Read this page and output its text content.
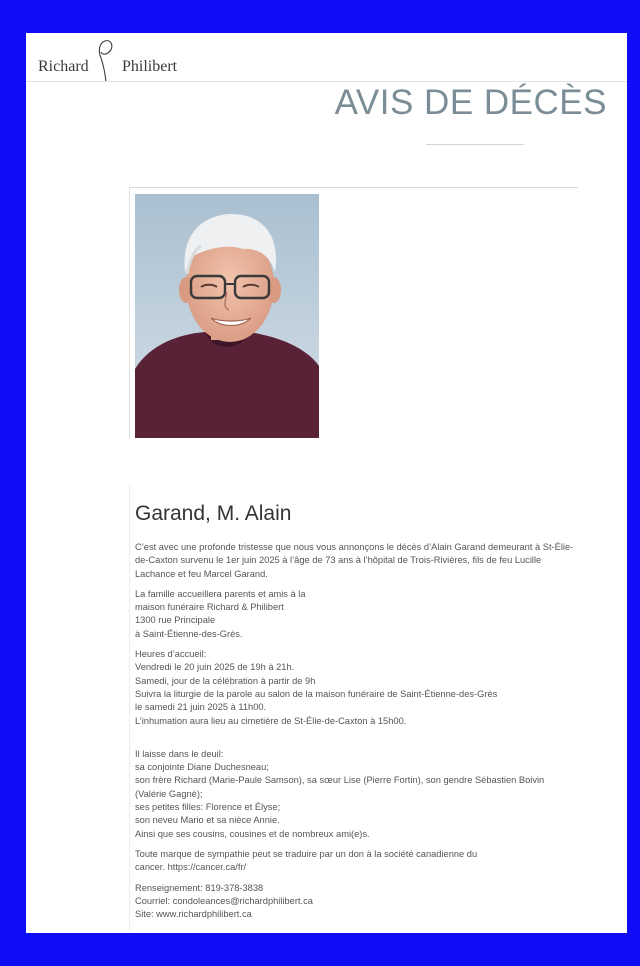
Richard Philibert
AVIS DE DÉCÈS
Garand, M. Alain

C’est avec une profonde tristesse que nous vous annonçons le décès d’Alain Garand demeurant à St-Élie-de-Caxton survenu le 1er juin 2025 à l’âge de 73 ans à l’hôpital de Trois-Rivières, fils de feu Lucille Lachance et feu Marcel Garand.

La famille accueillera parents et amis à la
maison funéraire Richard & Philibert
1300 rue Principale
à Saint-Étienne-des-Grès.

Heures d’accueil:
Vendredi le 20 juin 2025 de 19h à 21h.
Samedi, jour de la célébration à partir de 9h
Suivra la liturgie de la parole au salon de la maison funéraire de Saint-Étienne-des-Grès
le samedi 21 juin 2025 à 11h00.
L’inhumation aura lieu au cimetière de St-Élie-de-Caxton à 15h00.

Il laisse dans le deuil:
sa conjointe Diane Duchesneau;
son frère Richard (Marie-Paule Samson), sa sœur Lise (Pierre Fortin), son gendre Sébastien Boivin (Valérie Gagné);
ses petites filles: Florence et Élyse;
son neveu Mario et sa nièce Annie.
Ainsi que ses cousins, cousines et de nombreux ami(e)s.

Toute marque de sympathie peut se traduire par un don à la société canadienne du cancer. https://cancer.ca/fr/

Renseignement: 819-378-3838
Courriel: condoleances@richardphilibert.ca
Site: www.richardphilibert.ca
